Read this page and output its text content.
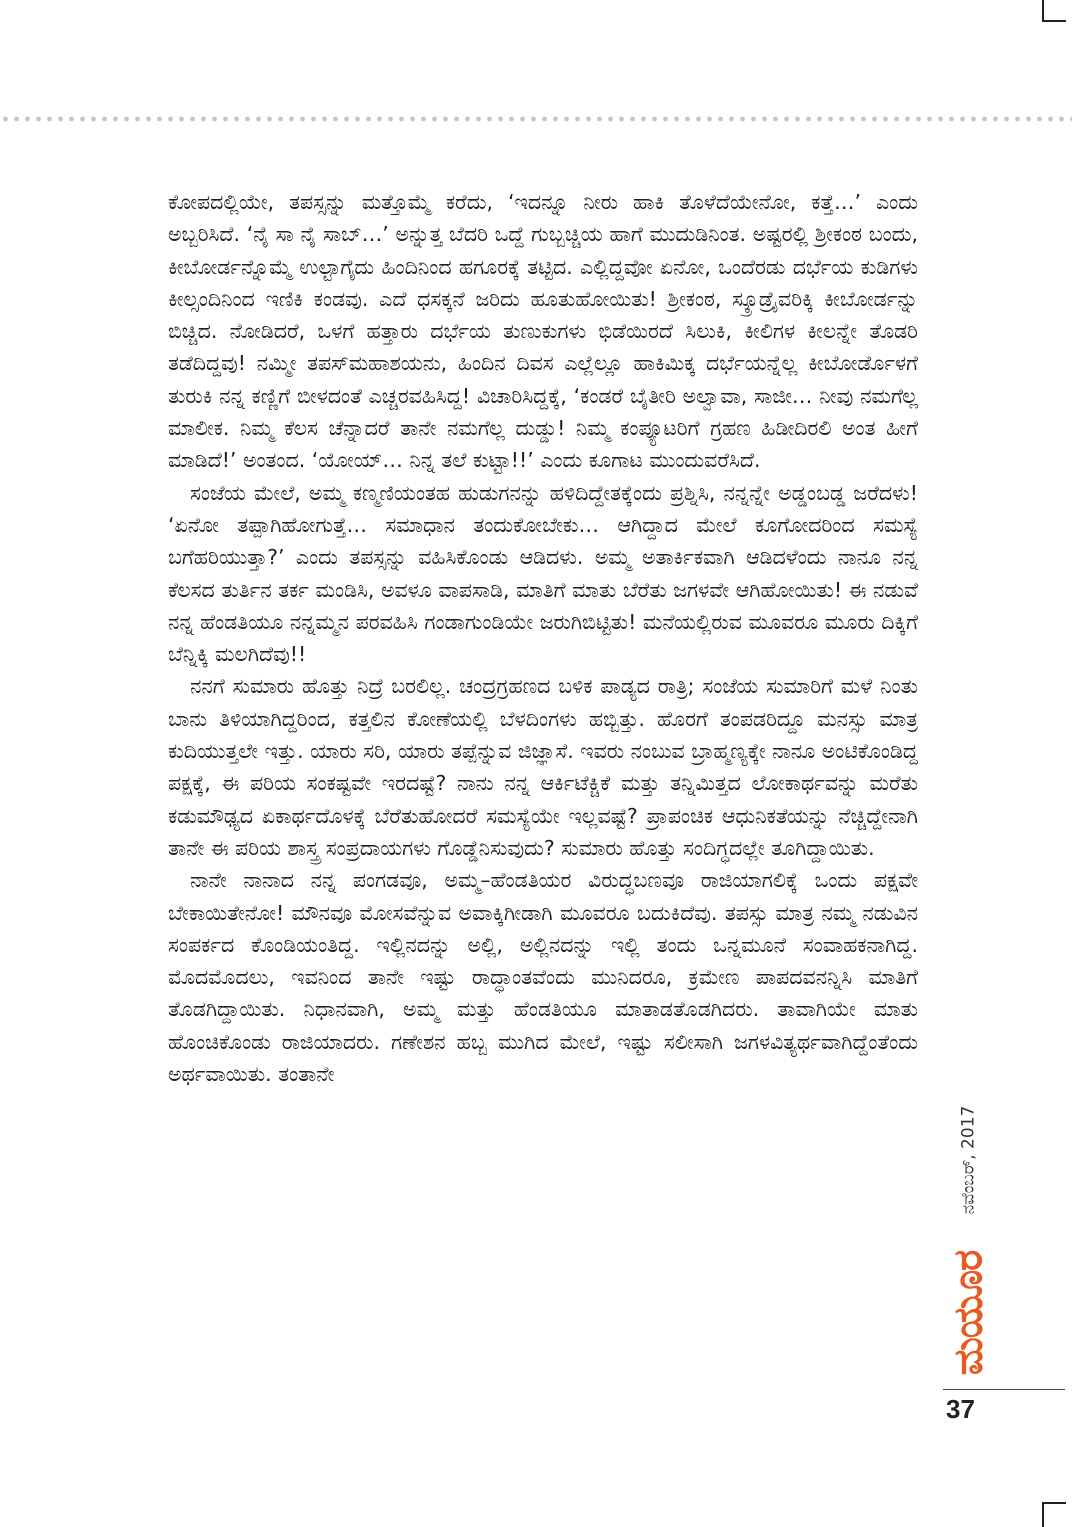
ಕೋಪದಲ್ಲಿಯೇ, ತಪಸ್ಸನ್ನು ಮತ್ತೊಮ್ಮೆ ಕರೆದು, ‘ಇದನ್ನೂ ನೀರು ಹಾಕಿ ತೊಳೆದೆಯೇನೋ, ಕತ್ತೆ…’ ಎಂದು ಅಬ್ಬರಿಸಿದೆ. ‘ನೈ ಸಾ ನೈ ಸಾಬ್…’ ಅನ್ನುತ್ತ ಬೆದರಿ ಒದ್ದೆ ಗುಬ್ಬಚ್ಚಿಯ ಹಾಗೆ ಮುದುಡಿನಿಂತ. ಅಷ್ಟರಲ್ಲಿ ಶ್ರೀಕಂಠ ಬಂದು, ಕೀಬೋರ್ಡನ್ನೊಮ್ಮೆ ಉಲ್ಟಾಗೈದು ಹಿಂದಿನಿಂದ ಹಗೂರಕ್ಕೆ ತಟ್ಟಿದ. ಎಲ್ಲಿದ್ದವೋ ಏನೋ, ಒಂದೆರಡು ದರ್ಭೆಯ ಕುಡಿಗಳು ಕೀಲ್ಸಂದಿನಿಂದ ಇಣಿಕಿ ಕಂಡವು. ಎದೆ ಧಸಕ್ಕನೆ ಜರಿದು ಹೂತುಹೋಯಿತು! ಶ್ರೀಕಂಠ, ಸ್ಕ್ರೂಡ್ರೈವರಿಕ್ಕಿ ಕೀಬೋರ್ಡನ್ನು ಬಿಚ್ಚಿದ. ನೋಡಿದರೆ, ಒಳಗೆ ಹತ್ತಾರು ದರ್ಭೆಯ ತುಣುಕುಗಳು ಭಿಡೆಯಿರದೆ ಸಿಲುಕಿ, ಕೀಲಿಗಳ ಕೀಲನ್ನೇ ತೊಡರಿ ತಡೆದಿದ್ದವು! ನಮ್ಮೀ ತಪಸ್‌ಮಹಾಶಯನು, ಹಿಂದಿನ ದಿವಸ ಎಲ್ಲೆಲ್ಲೂ ಹಾಕಿಮಿಕ್ಕ ದರ್ಭೆಯನ್ನೆಲ್ಲ ಕೀಬೋರ್ಡೊಳಗೆ ತುರುಕಿ ನನ್ನ ಕಣ್ಣಿಗೆ ಬೀಳದಂತೆ ಎಚ್ಚರವಹಿಸಿದ್ದ! ವಿಚಾರಿಸಿದ್ದಕ್ಕೆ, ‘ಕಂಡರೆ ಬೈತೀರಿ ಅಲ್ವಾವಾ, ಸಾಜೀ… ನೀವು ನಮಗೆಲ್ಲ ಮಾಲೀಕ. ನಿಮ್ಮ ಕೆಲಸ ಚೆನ್ನಾದರೆ ತಾನೇ ನಮಗೆಲ್ಲ ದುಡ್ಡು! ನಿಮ್ಮ ಕಂಪ್ಯೂಟರಿಗೆ ಗ್ರಹಣ ಹಿಡೀದಿರಲಿ ಅಂತ ಹೀಗೆ ಮಾಡಿದೆ!’ ಅಂತಂದ. ‘ಯೋಯ್… ನಿನ್ನ ತಲೆ ಕುಟ್ಟಾ!!’ ಎಂದು ಕೂಗಾಟ ಮುಂದುವರೆಸಿದೆ.

ಸಂಜೆಯ ಮೇಲೆ, ಅಮ್ಮ ಕಣ್ಮಣಿಯಂತಹ ಹುಡುಗನನ್ನು ಹಳಿದಿದ್ದೇತಕ್ಕೆಂದು ಪ್ರಶ್ನಿಸಿ, ನನ್ನನ್ನೇ ಅಡ್ಡಂಬಡ್ಡ ಜರೆದಳು! ‘ಏನೋ ತಪ್ಪಾಗಿಹೋಗುತ್ತೆ… ಸಮಾಧಾನ ತಂದುಕೋಬೇಕು… ಆಗಿದ್ದಾದ ಮೇಲೆ ಕೂಗೋದರಿಂದ ಸಮಸ್ಯೆ ಬಗೆಹರಿಯುತ್ತಾ?’ ಎಂದು ತಪಸ್ಸನ್ನು ವಹಿಸಿಕೊಂಡು ಆಡಿದಳು. ಅಮ್ಮ ಅತಾರ್ಕಿಕವಾಗಿ ಆಡಿದಳೆಂದು ನಾನೂ ನನ್ನ ಕೆಲಸದ ತುರ್ತಿನ ತರ್ಕ ಮಂಡಿಸಿ, ಅವಳೂ ವಾಪಸಾಡಿ, ಮಾತಿಗೆ ಮಾತು ಬೆರೆತು ಜಗಳವೇ ಆಗಿಹೋಯಿತು! ಈ ನಡುವೆ ನನ್ನ ಹೆಂಡತಿಯೂ ನನ್ನಮ್ಮನ ಪರವಹಿಸಿ ಗಂಡಾಗುಂಡಿಯೇ ಜರುಗಿಬಿಟ್ಟಿತು! ಮನೆಯಲ್ಲಿರುವ ಮೂವರೂ ಮೂರು ದಿಕ್ಕಿಗೆ ಬೆನ್ನಿಕ್ಕಿ ಮಲಗಿದೆವು!!

ನನಗೆ ಸುಮಾರು ಹೊತ್ತು ನಿದ್ರೆ ಬರಲಿಲ್ಲ. ಚಂದ್ರಗ್ರಹಣದ ಬಳಿಕ ಪಾಡ್ಯದ ರಾತ್ರಿ; ಸಂಜೆಯ ಸುಮಾರಿಗೆ ಮಳೆ ನಿಂತು ಬಾನು ತಿಳಿಯಾಗಿದ್ದರಿಂದ, ಕತ್ತಲಿನ ಕೋಣೆಯಲ್ಲಿ ಬೆಳದಿಂಗಳು ಹಬ್ಬಿತ್ತು. ಹೊರಗೆ ತಂಪಡರಿದ್ದೂ ಮನಸ್ಸು ಮಾತ್ರ ಕುದಿಯುತ್ತಲೇ ಇತ್ತು. ಯಾರು ಸರಿ, ಯಾರು ತಪ್ಪೆನ್ನುವ ಜಿಜ್ಞಾಸೆ. ಇವರು ನಂಬುವ ಬ್ರಾಹ್ಮಣ್ಯಕ್ಕೇ ನಾನೂ ಅಂಟಿಕೊಂಡಿದ್ದ ಪಕ್ಷಕ್ಕೆ, ಈ ಪರಿಯ ಸಂಕಷ್ಟವೇ ಇರದಷ್ಟೆ? ನಾನು ನನ್ನ ಆರ್ಕಿಟೆಕ್ಚಿಕೆ ಮತ್ತು ತನ್ನಿಮಿತ್ತದ ಲೋಕಾರ್ಥವನ್ನು ಮರೆತು ಕಡುಮೌಢ್ಯದ ಏಕಾರ್ಥದೊಳಕ್ಕೆ ಬೆರೆತುಹೋದರೆ ಸಮಸ್ಯೆಯೇ ಇಲ್ಲವಷ್ಟೆ? ಪ್ರಾಪಂಚಿಕ ಆಧುನಿಕತೆಯನ್ನು ನೆಚ್ಚಿದ್ದೇನಾಗಿ ತಾನೇ ಈ ಪರಿಯ ಶಾಸ್ತ್ರ ಸಂಪ್ರದಾಯಗಳು ಗೊಡ್ಡೆನಿಸುವುದು? ಸುಮಾರು ಹೊತ್ತು ಸಂದಿಗ್ಧದಲ್ಲೇ ತೂಗಿದ್ದಾಯಿತು.

ನಾನೇ ನಾನಾದ ನನ್ನ ಪಂಗಡವೂ, ಅಮ್ಮ–ಹೆಂಡತಿಯರ ವಿರುದ್ಧಬಣವೂ ರಾಜಿಯಾಗಲಿಕ್ಕೆ ಒಂದು ಪಕ್ಷವೇ ಬೇಕಾಯಿತೇನೋ! ಮೌನವೂ ಮೋಸವೆನ್ನುವ ಅವಾಕ್ಕಿಗೀಡಾಗಿ ಮೂವರೂ ಬದುಕಿದೆವು. ತಪಸ್ಸು ಮಾತ್ರ ನಮ್ಮ ನಡುವಿನ ಸಂಪರ್ಕದ ಕೊಂಡಿಯಂತಿದ್ದ. ಇಲ್ಲಿನದನ್ನು ಅಲ್ಲಿ, ಅಲ್ಲಿನದನ್ನು ಇಲ್ಲಿ ತಂದು ಒನ್ನಮೂನೆ ಸಂವಾಹಕನಾಗಿದ್ದ. ಮೊದಮೊದಲು, ಇವನಿಂದ ತಾನೇ ಇಷ್ಟು ರಾದ್ಧಾಂತವೆಂದು ಮುನಿದರೂ, ಕ್ರಮೇಣ ಪಾಪದವನನ್ನಿಸಿ ಮಾತಿಗೆ ತೊಡಗಿದ್ದಾಯಿತು. ನಿಧಾನವಾಗಿ, ಅಮ್ಮ ಮತ್ತು ಹೆಂಡತಿಯೂ ಮಾತಾಡತೊಡಗಿದರು. ತಾವಾಗಿಯೇ ಮಾತು ಹೊಂಚಿಕೊಂಡು ರಾಜಿಯಾದರು. ಗಣೇಶನ ಹಬ್ಬ ಮುಗಿದ ಮೇಲೆ, ಇಷ್ಟು ಸಲೀಸಾಗಿ ಜಗಳವಿತ್ಯರ್ಥವಾಗಿದ್ದೆಂತೆಂದು ಅರ್ಥವಾಯಿತು. ತಂತಾನೇ

ನವೆಂಬರ್, 2017
ಮಯೂರ
37
